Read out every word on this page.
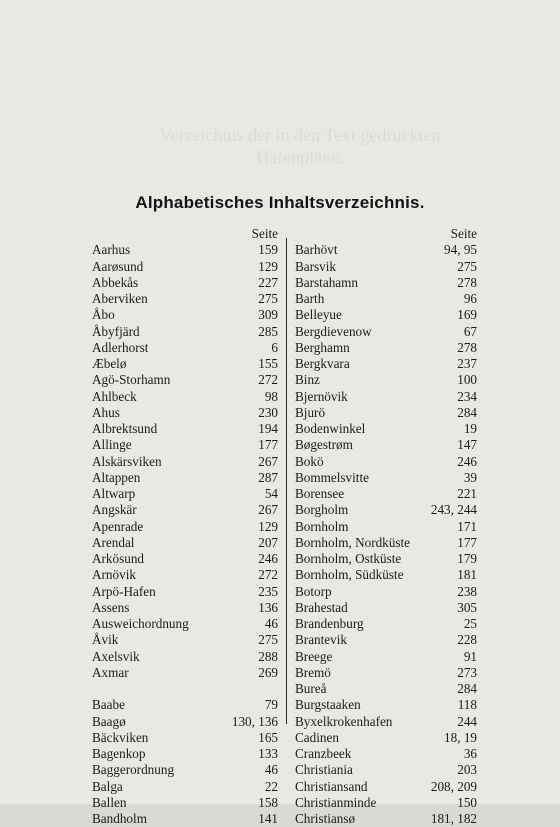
Verzeichnis der in den Text gedruckten
Hafenpläne.
Alphabetisches Inhaltsverzeichnis.
Seite
Aarhus	159
Aarøsund	129
Abbekås	227
Aberviken	275
Åbo	309
Åbyfjärd	285
Adlerhorst	6
Æbelø	155
Agö-Storhamn	272
Ahlbeck	98
Ahus	230
Albrektsund	194
Allinge	177
Alskärsviken	267
Altappen	287
Altwarp	54
Angskär	267
Apenrade	129
Arendal	207
Arkösund	246
Arnövik	272
Arpö-Hafen	235
Assens	136
Ausweichordnung	46
Åvik	275
Axelsvik	288
Axmar	269
Baabe	79
Baagø	130, 136
Bäckviken	165
Bagenkop	133
Baggerordnung	46
Balga	22
Ballen	158
Bandholm	141
Seite
Barhövt	94, 95
Barsvik	275
Barstahamn	278
Barth	96
Belleyue	169
Bergdievenow	67
Berghamn	278
Bergkvara	237
Binz	100
Bjernövik	234
Bjurö	284
Bodenwinkel	19
Bøgestrøm	147
Bokö	246
Bommelsvitte	39
Borensee	221
Borgholm	243, 244
Bornholm	171
Bornholm, Nordküste	177
Bornholm, Ostküste	179
Bornholm, Südküste	181
Botorp	238
Brahestad	305
Brandenburg	25
Brantevik	228
Breege	91
Bremö	273
Bureå	284
Burgstaaken	118
Byxelkrokenhafen	244
Cadinen	18, 19
Cranzbeek	36
Christiania	203
Christiansand	208, 209
Christianminde	150
Christiansø	181, 182
